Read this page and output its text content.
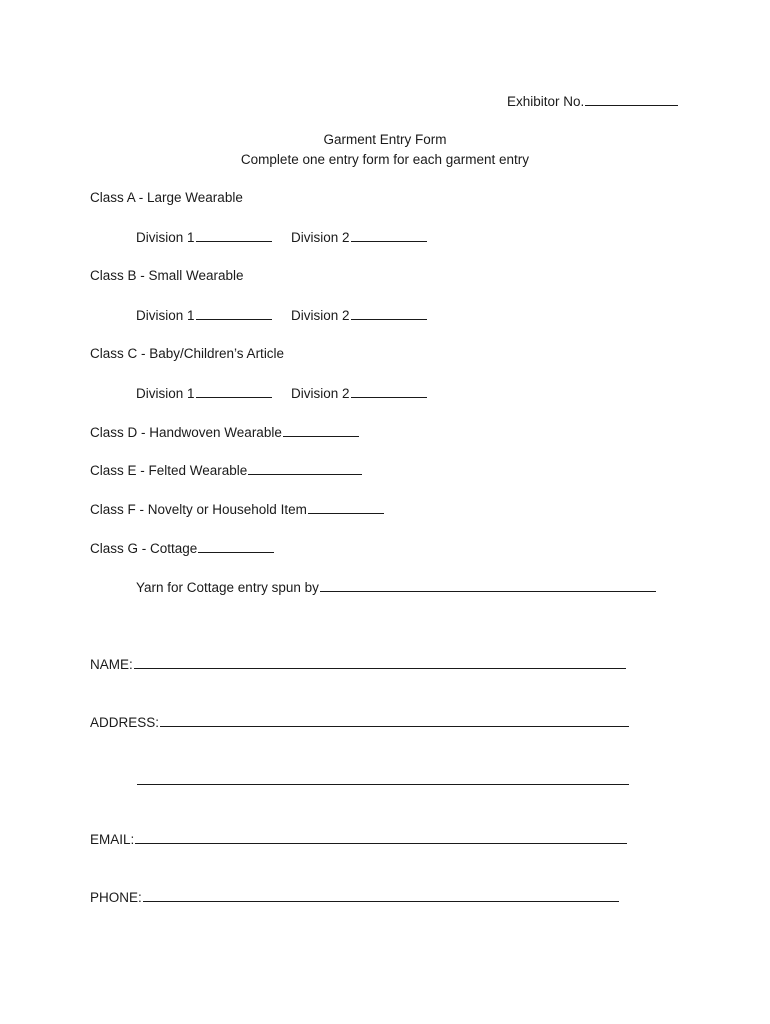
Exhibitor No.
Garment Entry Form
Complete one entry form for each garment entry
Class A - Large Wearable
Division 1	Division 2
Class B - Small Wearable
Division 1	Division 2
Class C - Baby/Children’s Article
Division 1	Division 2
Class D - Handwoven Wearable
Class E - Felted Wearable
Class F - Novelty or Household Item
Class G - Cottage
Yarn for Cottage entry spun by
NAME:
ADDRESS:
EMAIL:
PHONE:
